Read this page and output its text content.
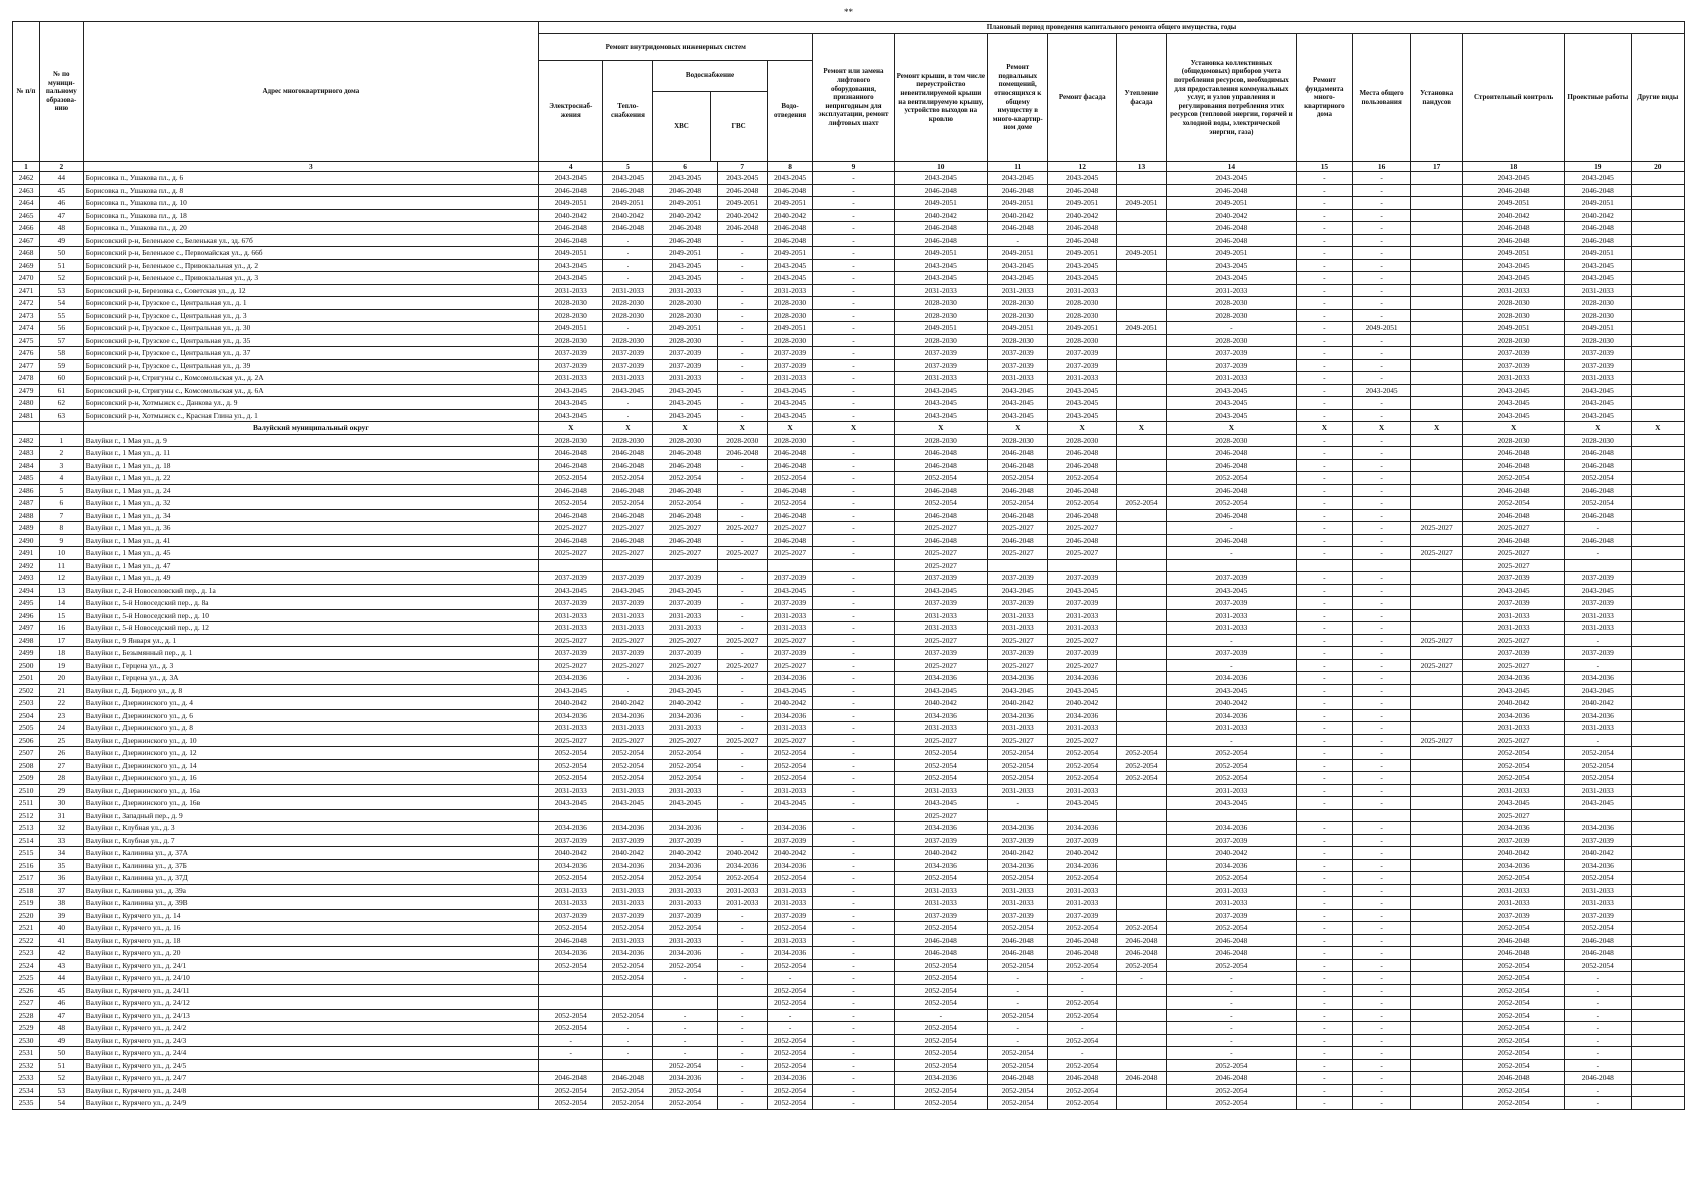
**
№ п/п	№ по муници-пальному образова-нию	Адрес многоквартирного дома	Плановый период проведения капитального ремонта общего имущества, годы
Ремонт внутридомовых инженерных систем	Ремонт или замена лифтового оборудования, признанного непригодным для эксплуатации, ремонт лифтовых шахт	Ремонт крыши, в том числе переустройство невентилируемой крыши на вентилируемую крышу, устройство выходов на кровлю	Ремонт подвальных помещений, относящихся к общему имуществу в много-квартир-ном доме	Ремонт фасада	Утепление фасада	Установка коллективных (общедомовых) приборов учета потребления ресурсов, необходимых для предоставления коммунальных услуг, и узлов управления и регулирования потребления этих ресурсов (тепловой энергии, горячей и холодной воды, электрической энергии, газа)	Ремонт фундамента много-квартирного дома	Места общего пользования	Установка пандусов	Строительный контроль	Проектные работы	Другие виды
Электроснаб-жения	Тепло-снабжения	
Водоснабжение
ХВС	ГВС
	Водо-отведения
1	2	3	4	5	6	7	8	9	10	11	12	13	14	15	16	17	18	19	20
2462	44	Борисовка п., Ушакова пл., д. 6	2043-2045	2043-2045	2043-2045	2043-2045	2043-2045	-	2043-2045	2043-2045	2043-2045		2043-2045	-	-		2043-2045	2043-2045	
2463	45	Борисовка п., Ушакова пл., д. 8	2046-2048	2046-2048	2046-2048	2046-2048	2046-2048	-	2046-2048	2046-2048	2046-2048		2046-2048	-	-		2046-2048	2046-2048	
2464	46	Борисовка п., Ушакова пл., д. 10	2049-2051	2049-2051	2049-2051	2049-2051	2049-2051	-	2049-2051	2049-2051	2049-2051	2049-2051	2049-2051	-	-		2049-2051	2049-2051	
2465	47	Борисовка п., Ушакова пл., д. 18	2040-2042	2040-2042	2040-2042	2040-2042	2040-2042	-	2040-2042	2040-2042	2040-2042		2040-2042	-	-		2040-2042	2040-2042	
2466	48	Борисовка п., Ушакова пл., д. 20	2046-2048	2046-2048	2046-2048	2046-2048	2046-2048	-	2046-2048	2046-2048	2046-2048		2046-2048	-	-		2046-2048	2046-2048	
2467	49	Борисовский р-н, Беленькое с., Беленькая ул., зд. 67б	2046-2048	-	2046-2048	-	2046-2048	-	2046-2048	-	2046-2048		2046-2048	-	-		2046-2048	2046-2048	
2468	50	Борисовский р-н, Беленькое с., Первомайская ул., д. 66б	2049-2051	-	2049-2051	-	2049-2051	-	2049-2051	2049-2051	2049-2051	2049-2051	2049-2051	-	-		2049-2051	2049-2051	
2469	51	Борисовский р-н, Беленькое с., Привокзальная ул., д. 2	2043-2045	-	2043-2045	-	2043-2045	-	2043-2045	2043-2045	2043-2045		2043-2045	-	-		2043-2045	2043-2045	
2470	52	Борисовский р-н, Беленькое с., Привокзальная ул., д. 3	2043-2045	-	2043-2045	-	2043-2045	-	2043-2045	2043-2045	2043-2045		2043-2045	-	-		2043-2045	2043-2045	
2471	53	Борисовский р-н, Березовка с., Советская ул., д. 12	2031-2033	2031-2033	2031-2033	-	2031-2033	-	2031-2033	2031-2033	2031-2033		2031-2033	-	-		2031-2033	2031-2033	
2472	54	Борисовский р-н, Грузское с., Центральная ул., д. 1	2028-2030	2028-2030	2028-2030	-	2028-2030	-	2028-2030	2028-2030	2028-2030		2028-2030	-	-		2028-2030	2028-2030	
2473	55	Борисовский р-н, Грузское с., Центральная ул., д. 3	2028-2030	2028-2030	2028-2030	-	2028-2030	-	2028-2030	2028-2030	2028-2030		2028-2030	-	-		2028-2030	2028-2030	
2474	56	Борисовский р-н, Грузское с., Центральная ул., д. 30	2049-2051	-	2049-2051	-	2049-2051	-	2049-2051	2049-2051	2049-2051	2049-2051	-	-	2049-2051		2049-2051	2049-2051	
2475	57	Борисовский р-н, Грузское с., Центральная ул., д. 35	2028-2030	2028-2030	2028-2030	-	2028-2030	-	2028-2030	2028-2030	2028-2030		2028-2030	-	-		2028-2030	2028-2030	
2476	58	Борисовский р-н, Грузское с., Центральная ул., д. 37	2037-2039	2037-2039	2037-2039	-	2037-2039	-	2037-2039	2037-2039	2037-2039		2037-2039	-	-		2037-2039	2037-2039	
2477	59	Борисовский р-н, Грузское с., Центральная ул., д. 39	2037-2039	2037-2039	2037-2039	-	2037-2039	-	2037-2039	2037-2039	2037-2039		2037-2039	-	-		2037-2039	2037-2039	
2478	60	Борисовский р-н, Стригуны с., Комсомольская ул., д. 2А	2031-2033	2031-2033	2031-2033	-	2031-2033	-	2031-2033	2031-2033	2031-2033		2031-2033	-	-		2031-2033	2031-2033	
2479	61	Борисовский р-н, Стригуны с., Комсомольская ул., д. 6А	2043-2045	2043-2045	2043-2045	-	2043-2045	-	2043-2045	2043-2045	2043-2045		2043-2045	-	2043-2045		2043-2045	2043-2045	
2480	62	Борисовский р-н, Хотмыжск с., Данкова ул., д. 9	2043-2045	-	2043-2045	-	2043-2045	-	2043-2045	2043-2045	2043-2045		2043-2045	-	-		2043-2045	2043-2045	
2481	63	Борисовский р-н, Хотмыжск с., Красная Глина ул., д. 1	2043-2045	-	2043-2045	-	2043-2045	-	2043-2045	2043-2045	2043-2045		2043-2045	-	-		2043-2045	2043-2045	
		Валуйский муниципальный округ	X	X	X	X	X	X	X	X	X	X	X	X	X	X	X	X	X
2482	1	Валуйки г., 1 Мая ул., д. 9	2028-2030	2028-2030	2028-2030	2028-2030	2028-2030	-	2028-2030	2028-2030	2028-2030		2028-2030	-	-		2028-2030	2028-2030	
2483	2	Валуйки г., 1 Мая ул., д. 11	2046-2048	2046-2048	2046-2048	2046-2048	2046-2048	-	2046-2048	2046-2048	2046-2048		2046-2048	-	-		2046-2048	2046-2048	
2484	3	Валуйки г., 1 Мая ул., д. 18	2046-2048	2046-2048	2046-2048	-	2046-2048	-	2046-2048	2046-2048	2046-2048		2046-2048	-	-		2046-2048	2046-2048	
2485	4	Валуйки г., 1 Мая ул., д. 22	2052-2054	2052-2054	2052-2054	-	2052-2054	-	2052-2054	2052-2054	2052-2054		2052-2054	-	-		2052-2054	2052-2054	
2486	5	Валуйки г., 1 Мая ул., д. 24	2046-2048	2046-2048	2046-2048	-	2046-2048	-	2046-2048	2046-2048	2046-2048		2046-2048	-	-		2046-2048	2046-2048	
2487	6	Валуйки г., 1 Мая ул., д. 32	2052-2054	2052-2054	2052-2054	-	2052-2054	-	2052-2054	2052-2054	2052-2054	2052-2054	2052-2054	-	-		2052-2054	2052-2054	
2488	7	Валуйки г., 1 Мая ул., д. 34	2046-2048	2046-2048	2046-2048	-	2046-2048	-	2046-2048	2046-2048	2046-2048		2046-2048	-	-		2046-2048	2046-2048	
2489	8	Валуйки г., 1 Мая ул., д. 36	2025-2027	2025-2027	2025-2027	2025-2027	2025-2027	-	2025-2027	2025-2027	2025-2027		-	-	-	2025-2027	2025-2027	-	
2490	9	Валуйки г., 1 Мая ул., д. 41	2046-2048	2046-2048	2046-2048	-	2046-2048	-	2046-2048	2046-2048	2046-2048		2046-2048	-	-		2046-2048	2046-2048	
2491	10	Валуйки г., 1 Мая ул., д. 45	2025-2027	2025-2027	2025-2027	2025-2027	2025-2027	-	2025-2027	2025-2027	2025-2027		-	-	-	2025-2027	2025-2027	-	
2492	11	Валуйки г., 1 Мая ул., д. 47							2025-2027								2025-2027		
2493	12	Валуйки г., 1 Мая ул., д. 49	2037-2039	2037-2039	2037-2039	-	2037-2039	-	2037-2039	2037-2039	2037-2039		2037-2039	-	-		2037-2039	2037-2039	
2494	13	Валуйки г., 2-й Новоселовский пер., д. 1а	2043-2045	2043-2045	2043-2045	-	2043-2045	-	2043-2045	2043-2045	2043-2045		2043-2045	-	-		2043-2045	2043-2045	
2495	14	Валуйки г., 5-й Новоседский пер., д. 8а	2037-2039	2037-2039	2037-2039	-	2037-2039	-	2037-2039	2037-2039	2037-2039		2037-2039	-	-		2037-2039	2037-2039	
2496	15	Валуйки г., 5-й Новоседский пер., д. 10	2031-2033	2031-2033	2031-2033	-	2031-2033	-	2031-2033	2031-2033	2031-2033		2031-2033	-	-		2031-2033	2031-2033	
2497	16	Валуйки г., 5-й Новоседский пер., д. 12	2031-2033	2031-2033	2031-2033	-	2031-2033	-	2031-2033	2031-2033	2031-2033		2031-2033	-	-		2031-2033	2031-2033	
2498	17	Валуйки г., 9 Января ул., д. 1	2025-2027	2025-2027	2025-2027	2025-2027	2025-2027	-	2025-2027	2025-2027	2025-2027		-	-	-	2025-2027	2025-2027	-	
2499	18	Валуйки г., Безымянный пер., д. 1	2037-2039	2037-2039	2037-2039	-	2037-2039	-	2037-2039	2037-2039	2037-2039		2037-2039	-	-		2037-2039	2037-2039	
2500	19	Валуйки г., Герцена ул., д. 3	2025-2027	2025-2027	2025-2027	2025-2027	2025-2027	-	2025-2027	2025-2027	2025-2027		-	-	-	2025-2027	2025-2027	-	
2501	20	Валуйки г., Герцена ул., д. 3А	2034-2036	-	2034-2036	-	2034-2036	-	2034-2036	2034-2036	2034-2036		2034-2036	-	-		2034-2036	2034-2036	
2502	21	Валуйки г., Д. Бедного ул., д. 8	2043-2045	-	2043-2045	-	2043-2045	-	2043-2045	2043-2045	2043-2045		2043-2045	-	-		2043-2045	2043-2045	
2503	22	Валуйки г., Дзержинского ул., д. 4	2040-2042	2040-2042	2040-2042	-	2040-2042	-	2040-2042	2040-2042	2040-2042		2040-2042	-	-		2040-2042	2040-2042	
2504	23	Валуйки г., Дзержинского ул., д. 6	2034-2036	2034-2036	2034-2036	-	2034-2036	-	2034-2036	2034-2036	2034-2036		2034-2036	-	-		2034-2036	2034-2036	
2505	24	Валуйки г., Дзержинского ул., д. 8	2031-2033	2031-2033	2031-2033	-	2031-2033	-	2031-2033	2031-2033	2031-2033		2031-2033	-	-		2031-2033	2031-2033	
2506	25	Валуйки г., Дзержинского ул., д. 10	2025-2027	2025-2027	2025-2027	2025-2027	2025-2027	-	2025-2027	2025-2027	2025-2027		-	-	-	2025-2027	2025-2027	-	
2507	26	Валуйки г., Дзержинского ул., д. 12	2052-2054	2052-2054	2052-2054	-	2052-2054	-	2052-2054	2052-2054	2052-2054	2052-2054	2052-2054	-	-		2052-2054	2052-2054	
2508	27	Валуйки г., Дзержинского ул., д. 14	2052-2054	2052-2054	2052-2054	-	2052-2054	-	2052-2054	2052-2054	2052-2054	2052-2054	2052-2054	-	-		2052-2054	2052-2054	
2509	28	Валуйки г., Дзержинского ул., д. 16	2052-2054	2052-2054	2052-2054	-	2052-2054	-	2052-2054	2052-2054	2052-2054	2052-2054	2052-2054	-	-		2052-2054	2052-2054	
2510	29	Валуйки г., Дзержинского ул., д. 16а	2031-2033	2031-2033	2031-2033	-	2031-2033	-	2031-2033	2031-2033	2031-2033		2031-2033	-	-		2031-2033	2031-2033	
2511	30	Валуйки г., Дзержинского ул., д. 16в	2043-2045	2043-2045	2043-2045	-	2043-2045	-	2043-2045	-	2043-2045		2043-2045	-	-		2043-2045	2043-2045	
2512	31	Валуйки г., Западный пер., д. 9							2025-2027								2025-2027		
2513	32	Валуйки г., Клубная ул., д. 3	2034-2036	2034-2036	2034-2036	-	2034-2036	-	2034-2036	2034-2036	2034-2036		2034-2036	-	-		2034-2036	2034-2036	
2514	33	Валуйки г., Клубная ул., д. 7	2037-2039	2037-2039	2037-2039	-	2037-2039	-	2037-2039	2037-2039	2037-2039		2037-2039	-	-		2037-2039	2037-2039	
2515	34	Валуйки г., Калинина ул., д. 37А	2040-2042	2040-2042	2040-2042	2040-2042	2040-2042	-	2040-2042	2040-2042	2040-2042		2040-2042	-	-		2040-2042	2040-2042	
2516	35	Валуйки г., Калинина ул., д. 37Б	2034-2036	2034-2036	2034-2036	2034-2036	2034-2036	-	2034-2036	2034-2036	2034-2036		2034-2036	-	-		2034-2036	2034-2036	
2517	36	Валуйки г., Калинина ул., д. 37Д	2052-2054	2052-2054	2052-2054	2052-2054	2052-2054	-	2052-2054	2052-2054	2052-2054		2052-2054	-	-		2052-2054	2052-2054	
2518	37	Валуйки г., Калинина ул., д. 39а	2031-2033	2031-2033	2031-2033	2031-2033	2031-2033	-	2031-2033	2031-2033	2031-2033		2031-2033	-	-		2031-2033	2031-2033	
2519	38	Валуйки г., Калинина ул., д. 39В	2031-2033	2031-2033	2031-2033	2031-2033	2031-2033	-	2031-2033	2031-2033	2031-2033		2031-2033	-	-		2031-2033	2031-2033	
2520	39	Валуйки г., Курячего ул., д. 14	2037-2039	2037-2039	2037-2039	-	2037-2039	-	2037-2039	2037-2039	2037-2039		2037-2039	-	-		2037-2039	2037-2039	
2521	40	Валуйки г., Курячего ул., д. 16	2052-2054	2052-2054	2052-2054	-	2052-2054	-	2052-2054	2052-2054	2052-2054	2052-2054	2052-2054	-	-		2052-2054	2052-2054	
2522	41	Валуйки г., Курячего ул., д. 18	2046-2048	2031-2033	2031-2033	-	2031-2033	-	2046-2048	2046-2048	2046-2048	2046-2048	2046-2048	-	-		2046-2048	2046-2048	
2523	42	Валуйки г., Курячего ул., д. 20	2034-2036	2034-2036	2034-2036	-	2034-2036	-	2046-2048	2046-2048	2046-2048	2046-2048	2046-2048	-	-		2046-2048	2046-2048	
2524	43	Валуйки г., Курячего ул., д. 24/1	2052-2054	2052-2054	2052-2054	-	2052-2054	-	2052-2054	2052-2054	2052-2054	2052-2054	2052-2054	-	-		2052-2054	2052-2054	
2525	44	Валуйки г., Курячего ул., д. 24/10		2052-2054	-	-	-	-	2052-2054	-	-	-	-	-	-		2052-2054	-	
2526	45	Валуйки г., Курячего ул., д. 24/11					2052-2054	-	2052-2054	-	-		-	-	-		2052-2054	-	
2527	46	Валуйки г., Курячего ул., д. 24/12					2052-2054	-	2052-2054	-	2052-2054		-	-	-		2052-2054	-	
2528	47	Валуйки г., Курячего ул., д. 24/13	2052-2054	2052-2054	-	-	-	-	-	2052-2054	2052-2054		-	-	-		2052-2054	-	
2529	48	Валуйки г., Курячего ул., д. 24/2	2052-2054	-	-	-	-	-	2052-2054	-	-		-	-	-		2052-2054	-	
2530	49	Валуйки г., Курячего ул., д. 24/3	-	-	-	-	2052-2054	-	2052-2054	-	2052-2054		-	-	-		2052-2054	-	
2531	50	Валуйки г., Курячего ул., д. 24/4	-	-	-	-	2052-2054	-	2052-2054	2052-2054	-		-	-	-		2052-2054	-	
2532	51	Валуйки г., Курячего ул., д. 24/5			2052-2054	-	2052-2054	-	2052-2054	2052-2054	2052-2054		2052-2054	-	-		2052-2054	-	
2533	52	Валуйки г., Курячего ул., д. 24/7	2046-2048	2046-2048	2034-2036	-	2034-2036	-	2034-2036	2046-2048	2046-2048	2046-2048	2046-2048	-	-		2046-2048	2046-2048	
2534	53	Валуйки г., Курячего ул., д. 24/8	2052-2054	2052-2054	2052-2054	-	2052-2054	-	2052-2054	2052-2054	2052-2054		2052-2054	-	-		2052-2054	-	
2535	54	Валуйки г., Курячего ул., д. 24/9	2052-2054	2052-2054	2052-2054	-	2052-2054	-	2052-2054	2052-2054	2052-2054		2052-2054	-	-		2052-2054	-	
